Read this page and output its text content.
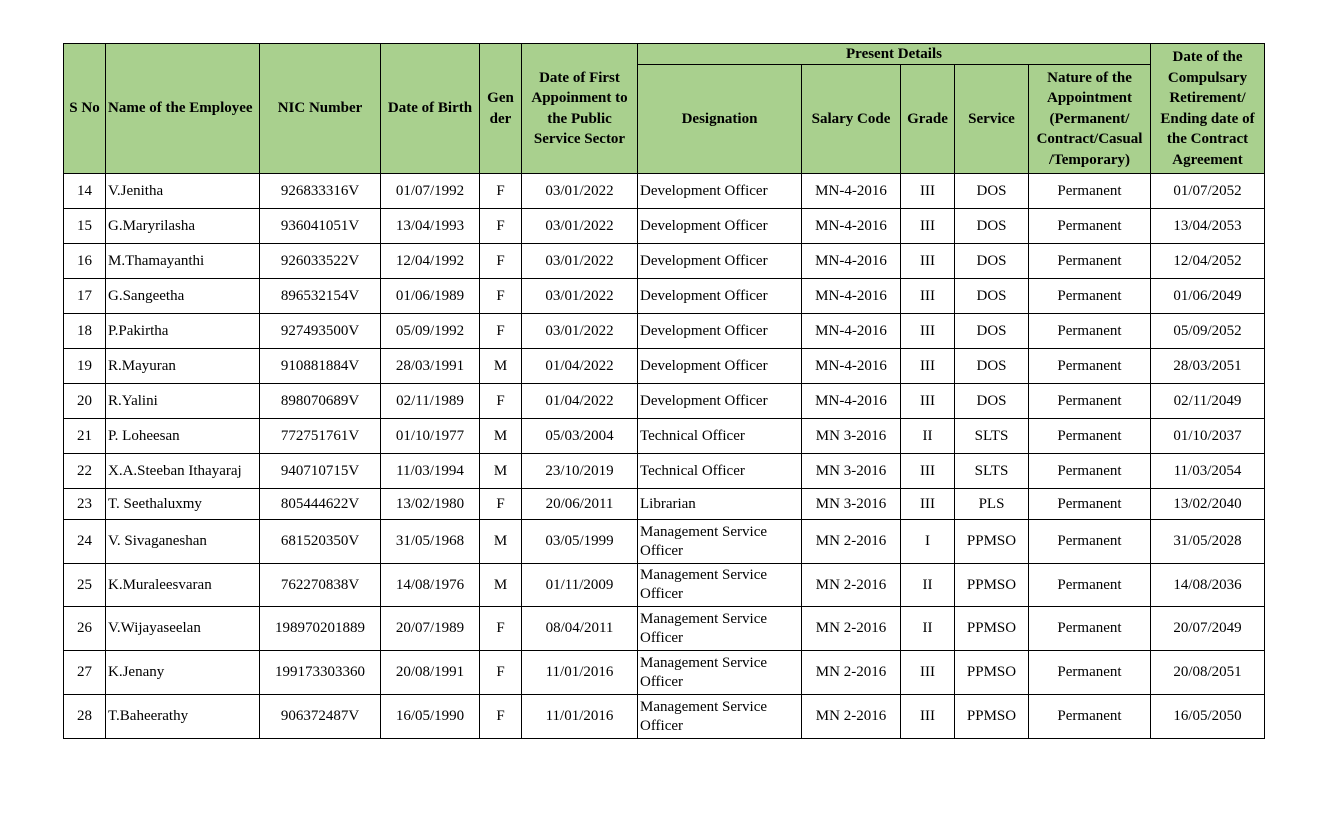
S No	Name of the Employee	NIC Number	Date of Birth	Gen der	Date of First Appoinment to the Public Service Sector	Present Details					Date of the Compulsary Retirement/ Ending date of the Contract Agreement
						Designation	Salary Code	Grade	Service	Nature of the Appointment (Permanent/ Contract/Casual /Temporary)	
14	V.Jenitha	926833316V	01/07/1992	F	03/01/2022	Development Officer	MN-4-2016	III	DOS	Permanent	01/07/2052
15	G.Maryrilasha	936041051V	13/04/1993	F	03/01/2022	Development Officer	MN-4-2016	III	DOS	Permanent	13/04/2053
16	M.Thamayanthi	926033522V	12/04/1992	F	03/01/2022	Development Officer	MN-4-2016	III	DOS	Permanent	12/04/2052
17	G.Sangeetha	896532154V	01/06/1989	F	03/01/2022	Development Officer	MN-4-2016	III	DOS	Permanent	01/06/2049
18	P.Pakirtha	927493500V	05/09/1992	F	03/01/2022	Development Officer	MN-4-2016	III	DOS	Permanent	05/09/2052
19	R.Mayuran	910881884V	28/03/1991	M	01/04/2022	Development Officer	MN-4-2016	III	DOS	Permanent	28/03/2051
20	R.Yalini	898070689V	02/11/1989	F	01/04/2022	Development Officer	MN-4-2016	III	DOS	Permanent	02/11/2049
21	P. Loheesan	772751761V	01/10/1977	M	05/03/2004	Technical Officer	MN 3-2016	II	SLTS	Permanent	01/10/2037
22	X.A.Steeban Ithayaraj	940710715V	11/03/1994	M	23/10/2019	Technical Officer	MN 3-2016	III	SLTS	Permanent	11/03/2054
23	T. Seethaluxmy	805444622V	13/02/1980	F	20/06/2011	Librarian	MN 3-2016	III	PLS	Permanent	13/02/2040
24	V. Sivaganeshan	681520350V	31/05/1968	M	03/05/1999	Management Service Officer	MN 2-2016	I	PPMSO	Permanent	31/05/2028
25	K.Muraleesvaran	762270838V	14/08/1976	M	01/11/2009	Management Service Officer	MN 2-2016	II	PPMSO	Permanent	14/08/2036
26	V.Wijayaseelan	198970201889	20/07/1989	F	08/04/2011	Management Service Officer	MN 2-2016	II	PPMSO	Permanent	20/07/2049
27	K.Jenany	199173303360	20/08/1991	F	11/01/2016	Management Service Officer	MN 2-2016	III	PPMSO	Permanent	20/08/2051
28	T.Baheerathy	906372487V	16/05/1990	F	11/01/2016	Management Service Officer	MN 2-2016	III	PPMSO	Permanent	16/05/2050
